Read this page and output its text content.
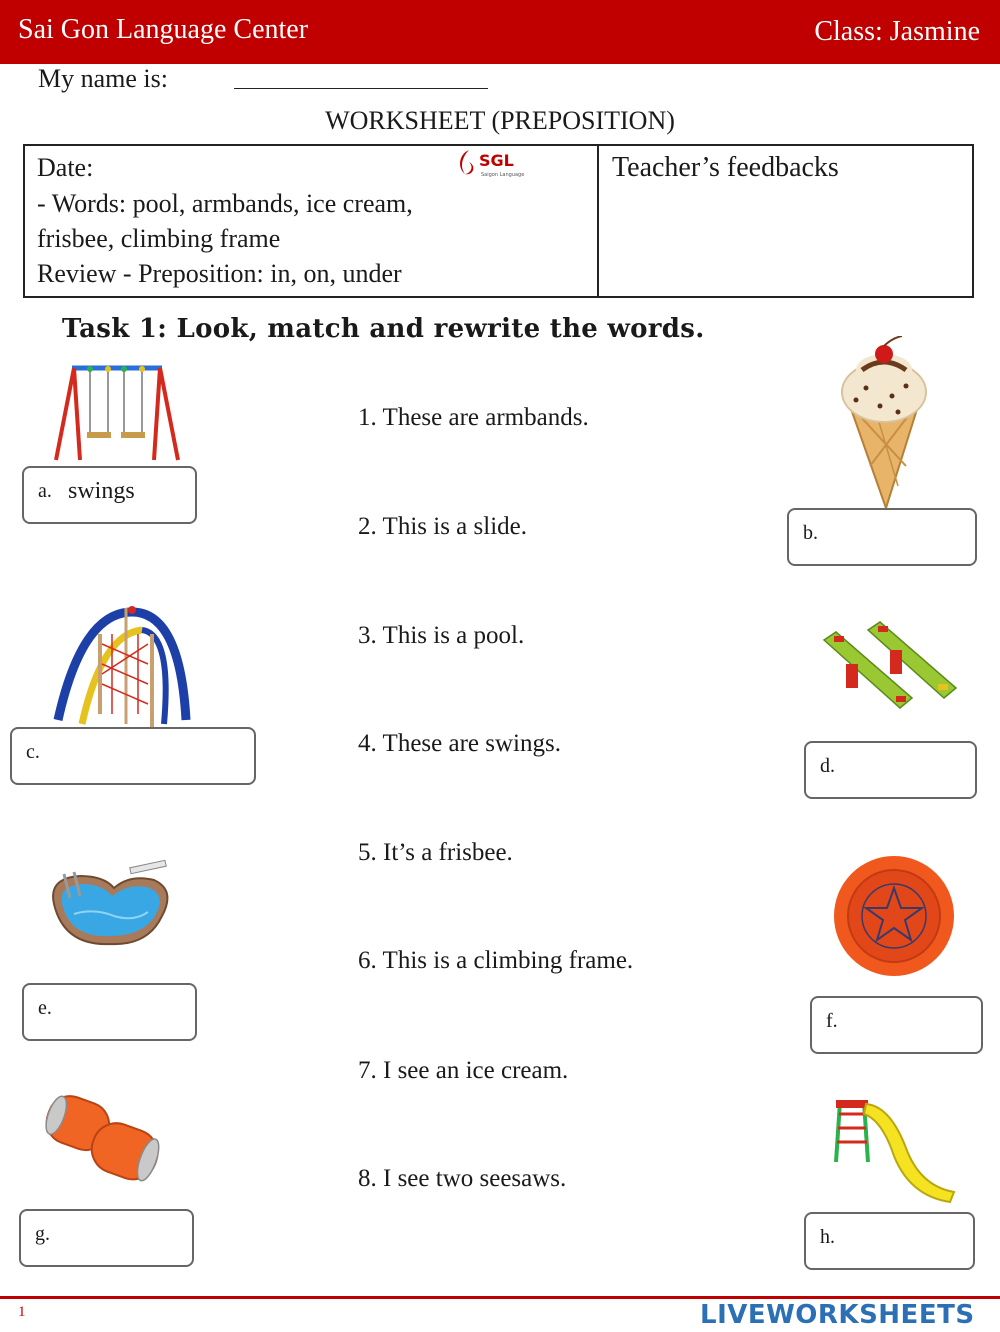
Sai Gon Language Center	Class: Jasmine
My name is:
WORKSHEET (PREPOSITION)
Date:
- Words: pool, armbands, ice cream,
frisbee, climbing frame
Review - Preposition: in, on, under
Teacher’s feedbacks
SGL
Saigon Language
Task 1: Look, match and rewrite the words.
1. These are armbands.
2. This is a slide.
3. This is a pool.
4. These are swings.
5. It’s a frisbee.
6. This is a climbing frame.
7. I see an ice cream.
8. I see two seesaws.
a. swings
b.
c.
d.
e.
f.
g.	h.
1	LIVEWORKSHEETS
